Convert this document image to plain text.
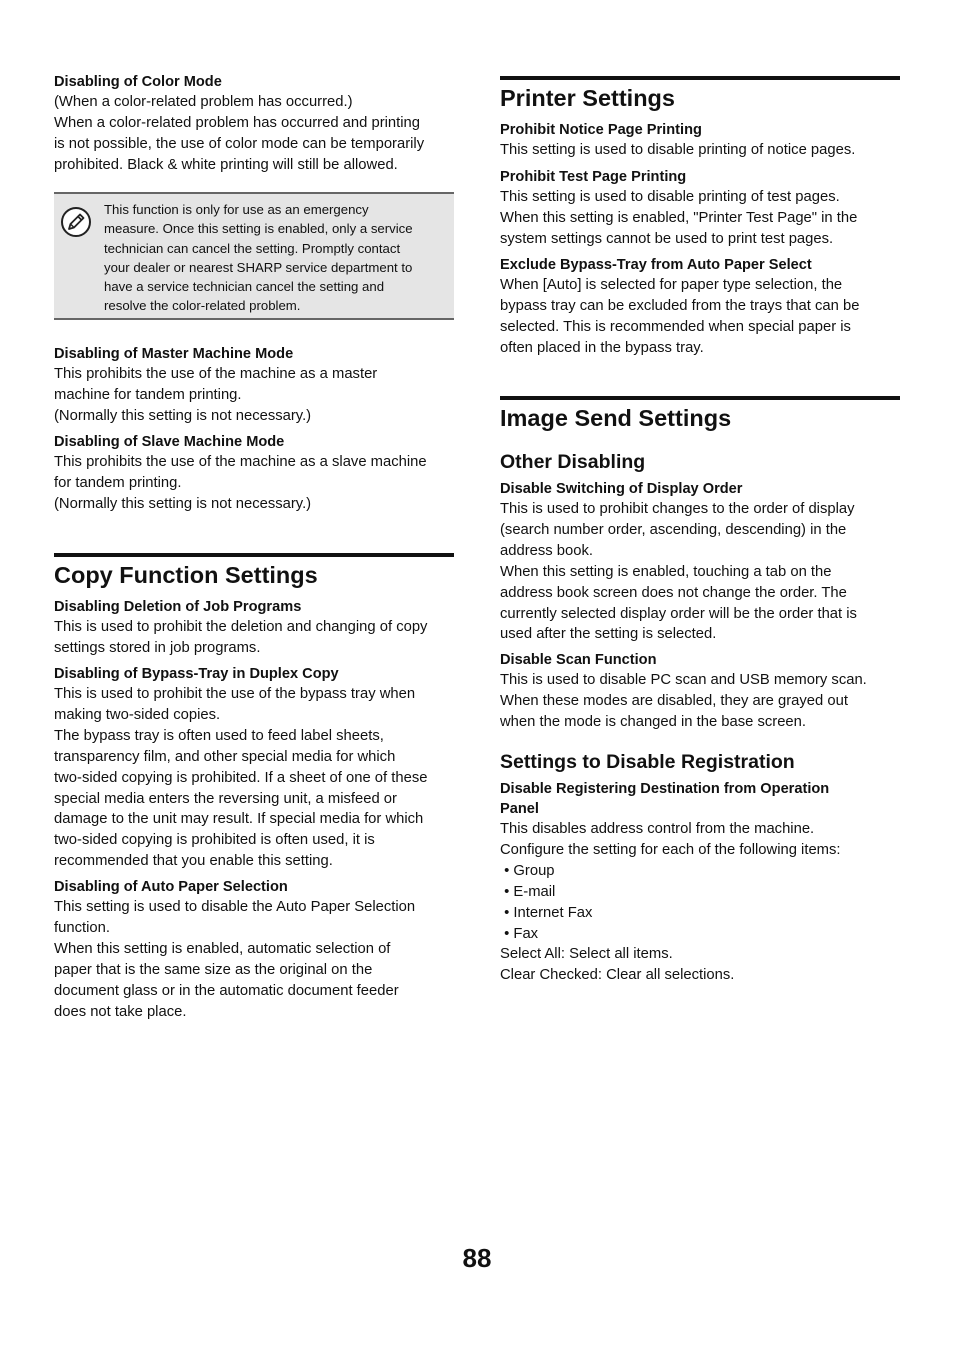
Disabling of Color Mode
(When a color-related problem has occurred.)
When a color-related problem has occurred and printing
is not possible, the use of color mode can be temporarily
prohibited. Black & white printing will still be allowed.
This function is only for use as an emergency
measure. Once this setting is enabled, only a service
technician can cancel the setting. Promptly contact
your dealer or nearest SHARP service department to
have a service technician cancel the setting and
resolve the color-related problem.
Disabling of Master Machine Mode
This prohibits the use of the machine as a master
machine for tandem printing.
(Normally this setting is not necessary.)
Disabling of Slave Machine Mode
This prohibits the use of the machine as a slave machine
for tandem printing.
(Normally this setting is not necessary.)
Copy Function Settings
Disabling Deletion of Job Programs
This is used to prohibit the deletion and changing of copy
settings stored in job programs.
Disabling of Bypass-Tray in Duplex Copy
This is used to prohibit the use of the bypass tray when
making two-sided copies.
The bypass tray is often used to feed label sheets,
transparency film, and other special media for which
two-sided copying is prohibited. If a sheet of one of these
special media enters the reversing unit, a misfeed or
damage to the unit may result. If special media for which
two-sided copying is prohibited is often used, it is
recommended that you enable this setting.
Disabling of Auto Paper Selection
This setting is used to disable the Auto Paper Selection
function.
When this setting is enabled, automatic selection of
paper that is the same size as the original on the
document glass or in the automatic document feeder
does not take place.
Printer Settings
Prohibit Notice Page Printing
This setting is used to disable printing of notice pages.
Prohibit Test Page Printing
This setting is used to disable printing of test pages.
When this setting is enabled, "Printer Test Page" in the
system settings cannot be used to print test pages.
Exclude Bypass-Tray from Auto Paper Select
When [Auto] is selected for paper type selection, the
bypass tray can be excluded from the trays that can be
selected. This is recommended when special paper is
often placed in the bypass tray.
Image Send Settings
Other Disabling
Disable Switching of Display Order
This is used to prohibit changes to the order of display
(search number order, ascending, descending) in the
address book.
When this setting is enabled, touching a tab on the
address book screen does not change the order. The
currently selected display order will be the order that is
used after the setting is selected.
Disable Scan Function
This is used to disable PC scan and USB memory scan.
When these modes are disabled, they are grayed out
when the mode is changed in the base screen.
Settings to Disable Registration
Disable Registering Destination from Operation
Panel
This disables address control from the machine.
Configure the setting for each of the following items:
• Group
• E-mail
• Internet Fax
• Fax
Select All: Select all items.
Clear Checked: Clear all selections.
88
